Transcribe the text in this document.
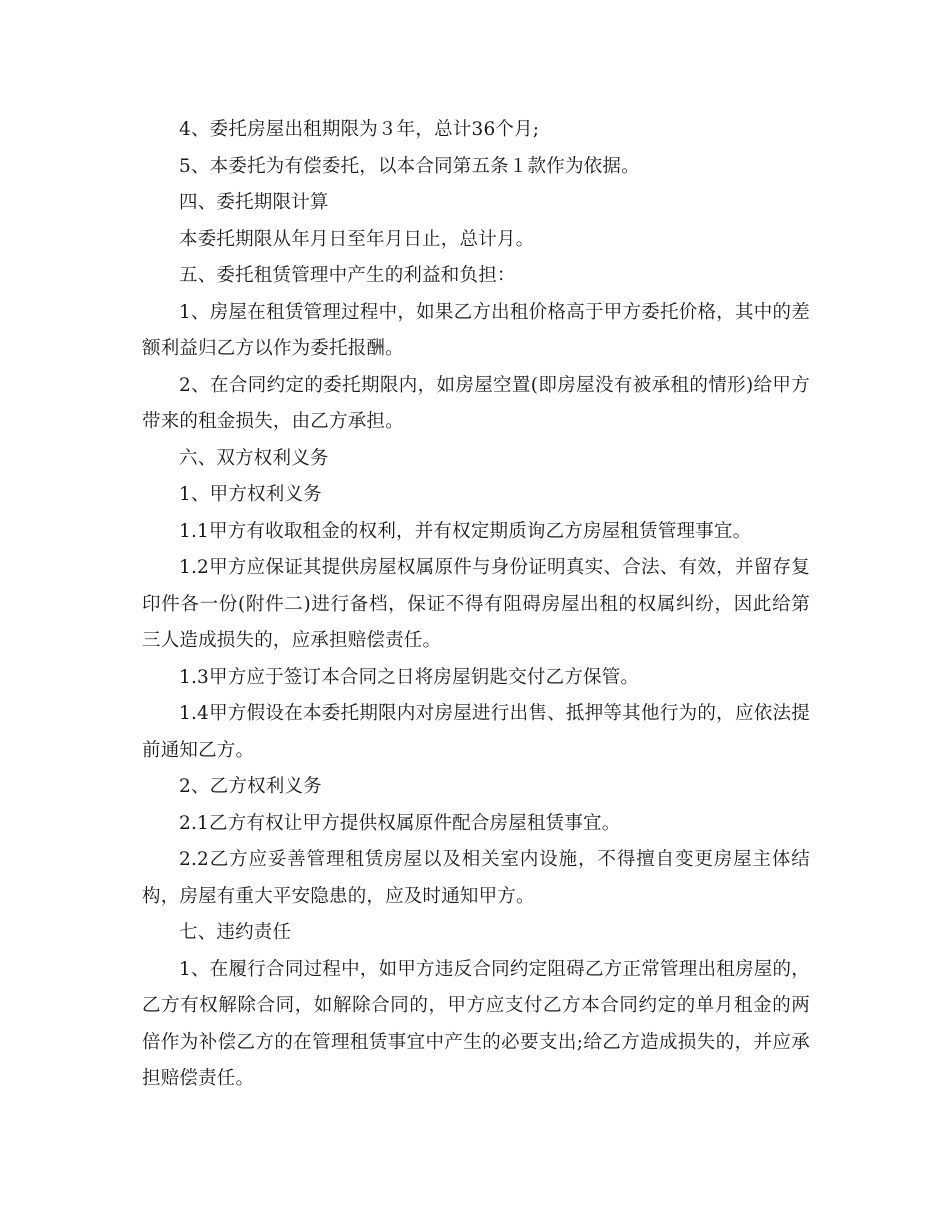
4、委托房屋出租期限为３年，总计36个月;

5、本委托为有偿委托，以本合同第五条１款作为依据。

四、委托期限计算

本委托期限从年月日至年月日止，总计月。

五、委托租赁管理中产生的利益和负担：

1、房屋在租赁管理过程中，如果乙方出租价格高于甲方委托价格，其中的差额利益归乙方以作为委托报酬。

2、在合同约定的委托期限内，如房屋空置(即房屋没有被承租的情形)给甲方带来的租金损失，由乙方承担。

六、双方权利义务

1、甲方权利义务

1.1甲方有收取租金的权利，并有权定期质询乙方房屋租赁管理事宜。

1.2甲方应保证其提供房屋权属原件与身份证明真实、合法、有效，并留存复印件各一份(附件二)进行备档，保证不得有阻碍房屋出租的权属纠纷，因此给第三人造成损失的，应承担赔偿责任。

1.3甲方应于签订本合同之日将房屋钥匙交付乙方保管。

1.4甲方假设在本委托期限内对房屋进行出售、抵押等其他行为的，应依法提前通知乙方。

2、乙方权利义务

2.1乙方有权让甲方提供权属原件配合房屋租赁事宜。

2.2乙方应妥善管理租赁房屋以及相关室内设施，不得擅自变更房屋主体结构，房屋有重大平安隐患的，应及时通知甲方。

七、违约责任

1、在履行合同过程中，如甲方违反合同约定阻碍乙方正常管理出租房屋的，乙方有权解除合同，如解除合同的，甲方应支付乙方本合同约定的单月租金的两倍作为补偿乙方的在管理租赁事宜中产生的必要支出;给乙方造成损失的，并应承担赔偿责任。
